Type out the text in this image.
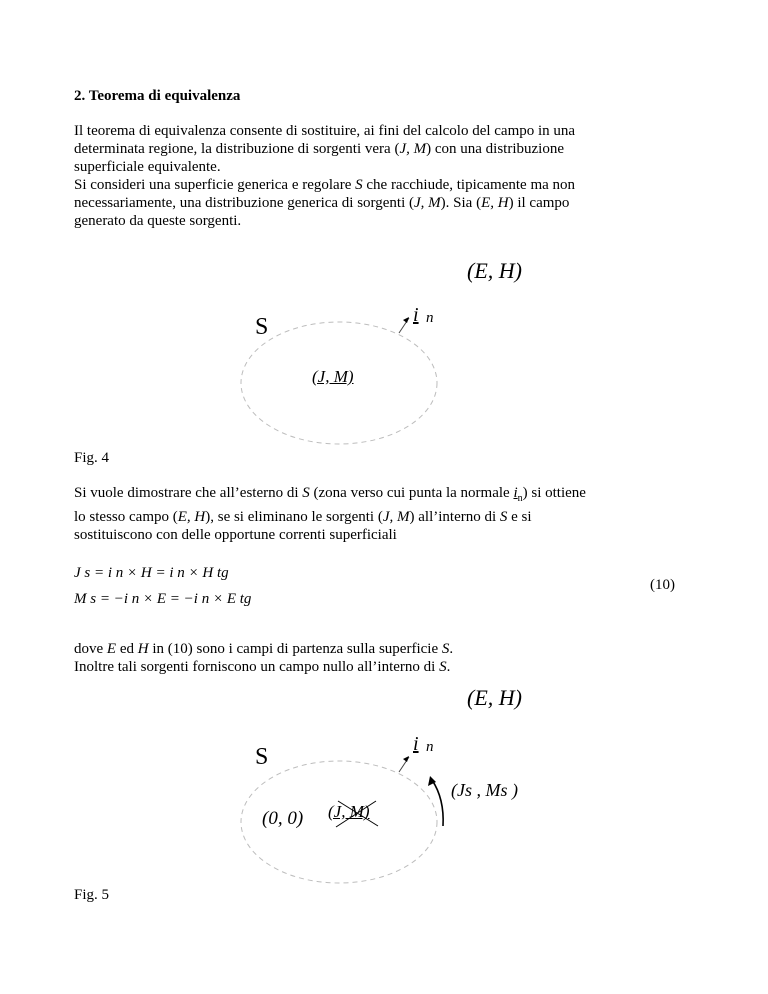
2. Teorema di equivalenza

Il teorema di equivalenza consente di sostituire, ai fini del calcolo del campo in una

determinata regione, la distribuzione di sorgenti vera (J, M) con una distribuzione

superficiale equivalente.

Si consideri una superficie generica e regolare S che racchiude, tipicamente ma non

necessariamente, una distribuzione generica di sorgenti (J, M). Sia (E, H) il campo

generato da queste sorgenti.

(E, H)
S	i n
(J, M)
Fig. 4

Si vuole dimostrare che all’esterno di S (zona verso cui punta la normale $i_n$) si ottiene

lo stesso campo (E, H), se si eliminano le sorgenti (J, M) all’interno di S e si

sostituiscono con delle opportune correnti superficiali

J s = i n × H = i n × H tg
M s = −i n × E = −i n × E tg
(10)

dove E ed H in (10) sono i campi di partenza sulla superficie S.

Inoltre tali sorgenti forniscono un campo nullo all’interno di S.

(E, H)
S	i n
(0, 0) (J, M)
(Js , Ms )
Fig. 5
